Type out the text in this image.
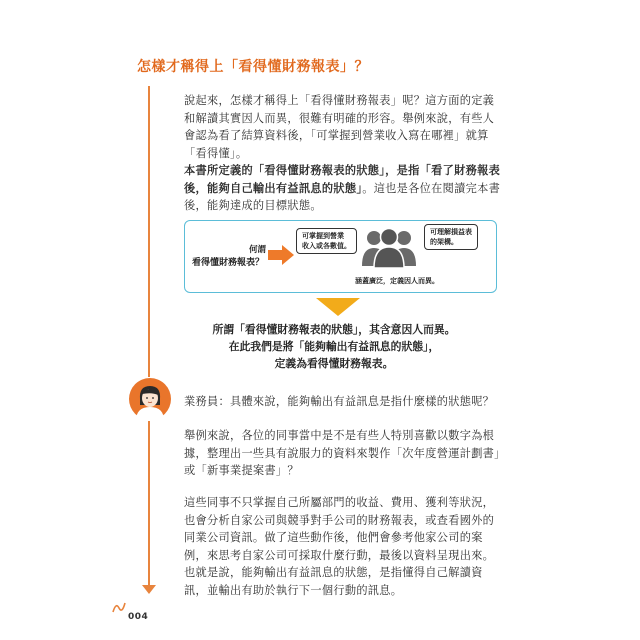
怎樣才稱得上「看得懂財務報表」？
說起來，怎樣才稱得上「看得懂財務報表」呢？這方面的定義
和解讀其實因人而異，很難有明確的形容。舉例來說，有些人
會認為看了結算資料後，「可掌握到營業收入寫在哪裡」就算
「看得懂」。
本書所定義的「看得懂財務報表的狀態」，是指「看了財務報表
後，能夠自己輸出有益訊息的狀態」。這也是各位在閱讀完本書
後，能夠達成的目標狀態。
何謂
看得懂財務報表？
可掌握到營業
收入或各數值。
可理解損益表
的架構。
涵蓋廣泛，定義因人而異。
所謂「看得懂財務報表的狀態」，其含意因人而異。
在此我們是將「能夠輸出有益訊息的狀態」，
定義為看得懂財務報表。
業務員：具體來說，能夠輸出有益訊息是指什麼樣的狀態呢？
舉例來說，各位的同事當中是不是有些人特別喜歡以數字為根
據，整理出一些具有說服力的資料來製作「次年度營運計劃書」
或「新事業提案書」？
這些同事不只掌握自己所屬部門的收益、費用、獲利等狀況，
也會分析自家公司與競爭對手公司的財務報表，或查看國外的
同業公司資訊。做了這些動作後，他們會參考他家公司的案
例，來思考自家公司可採取什麼行動，最後以資料呈現出來。
也就是說，能夠輸出有益訊息的狀態，是指懂得自己解讀資
訊，並輸出有助於執行下一個行動的訊息。
004
